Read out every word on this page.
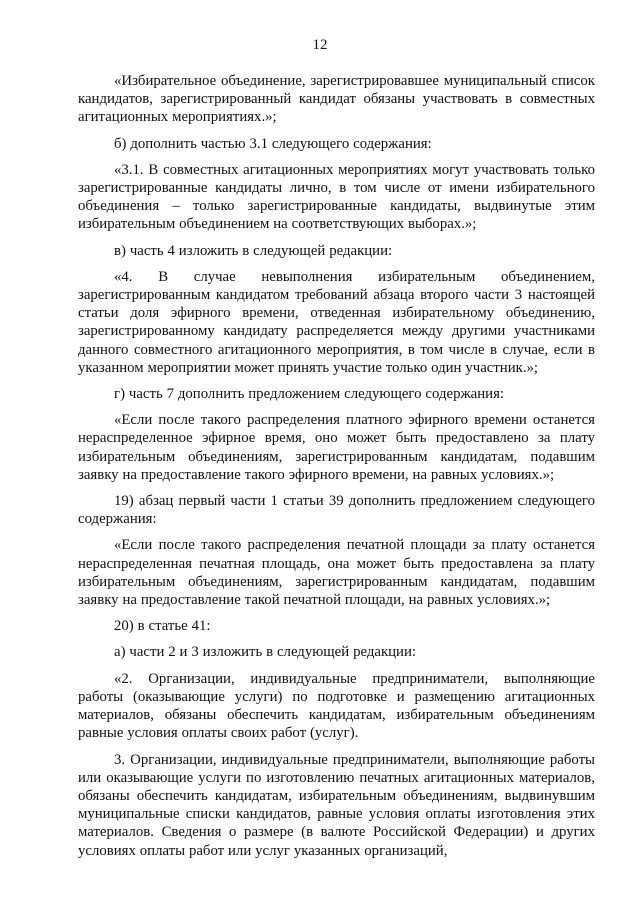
12

«Избирательное объединение, зарегистрировавшее муниципальный список кандидатов, зарегистрированный кандидат обязаны участвовать в совместных агитационных мероприятиях.»;

б) дополнить частью 3.1 следующего содержания:

«3.1. В совместных агитационных мероприятиях могут участвовать только зарегистрированные кандидаты лично, в том числе от имени избирательного объединения – только зарегистрированные кандидаты, выдвинутые этим избирательным объединением на соответствующих выборах.»;

в) часть 4 изложить в следующей редакции:

«4. В случае невыполнения избирательным объединением, зарегистрированным кандидатом требований абзаца второго части 3 настоящей статьи доля эфирного времени, отведенная избирательному объединению, зарегистрированному кандидату распределяется между другими участниками данного совместного агитационного мероприятия, в том числе в случае, если в указанном мероприятии может принять участие только один участник.»;

г) часть 7 дополнить предложением следующего содержания:

«Если после такого распределения платного эфирного времени останется нераспределенное эфирное время, оно может быть предоставлено за плату избирательным объединениям, зарегистрированным кандидатам, подавшим заявку на предоставление такого эфирного времени, на равных условиях.»;

19) абзац первый части 1 статьи 39 дополнить предложением следующего содержания:

«Если после такого распределения печатной площади за плату останется нераспределенная печатная площадь, она может быть предоставлена за плату избирательным объединениям, зарегистрированным кандидатам, подавшим заявку на предоставление такой печатной площади, на равных условиях.»;

20) в статье 41:

а) части 2 и 3 изложить в следующей редакции:

«2. Организации, индивидуальные предприниматели, выполняющие работы (оказывающие услуги) по подготовке и размещению агитационных материалов, обязаны обеспечить кандидатам, избирательным объединениям равные условия оплаты своих работ (услуг).

3. Организации, индивидуальные предприниматели, выполняющие работы или оказывающие услуги по изготовлению печатных агитационных материалов, обязаны обеспечить кандидатам, избирательным объединениям, выдвинувшим муниципальные списки кандидатов, равные условия оплаты изготовления этих материалов. Сведения о размере (в валюте Российской Федерации) и других условиях оплаты работ или услуг указанных организаций,
